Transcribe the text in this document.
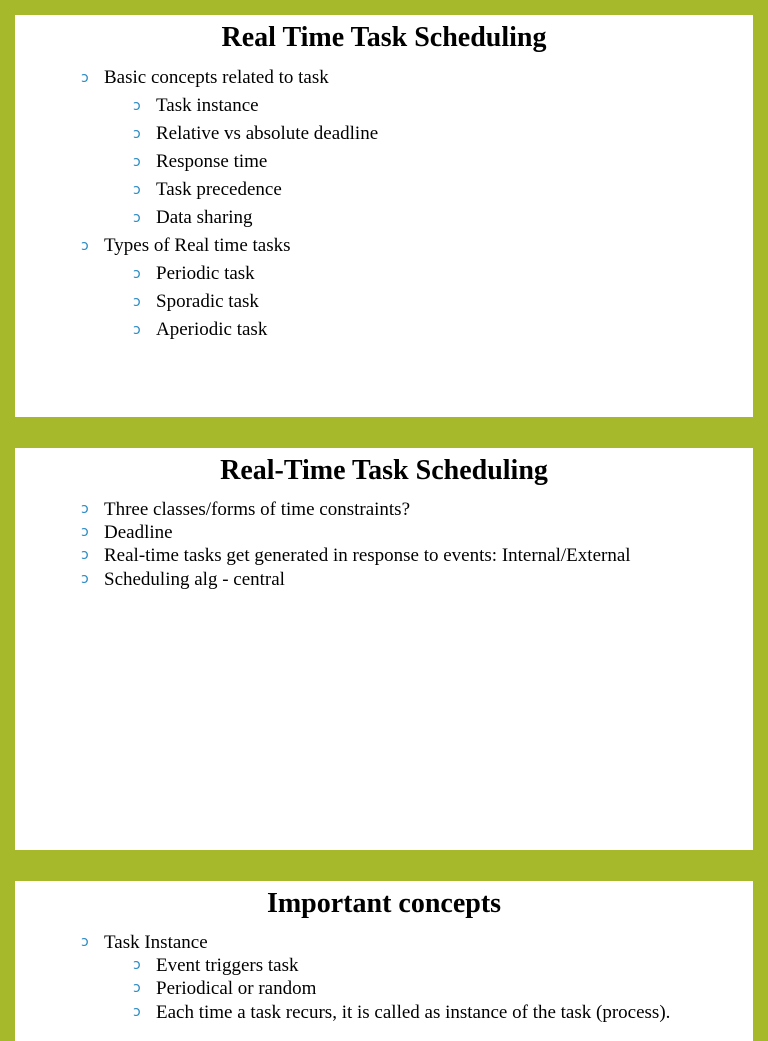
Real Time Task Scheduling
ɔ Basic concepts related to task
ɔ Task instance
ɔ Relative vs absolute deadline
ɔ Response time
ɔ Task precedence
ɔ Data sharing
ɔ Types of Real time tasks
ɔ Periodic task
ɔ Sporadic task
ɔ Aperiodic task
Real-Time Task Scheduling
ɔ Three classes/forms of time constraints?
ɔ Deadline
ɔ Real-time tasks get generated in response to events: Internal/External
ɔ Scheduling alg - central
Important concepts
ɔ Task Instance
ɔ Event triggers task
ɔ Periodical or random
ɔ Each time a task recurs, it is called as instance of the task (process).
